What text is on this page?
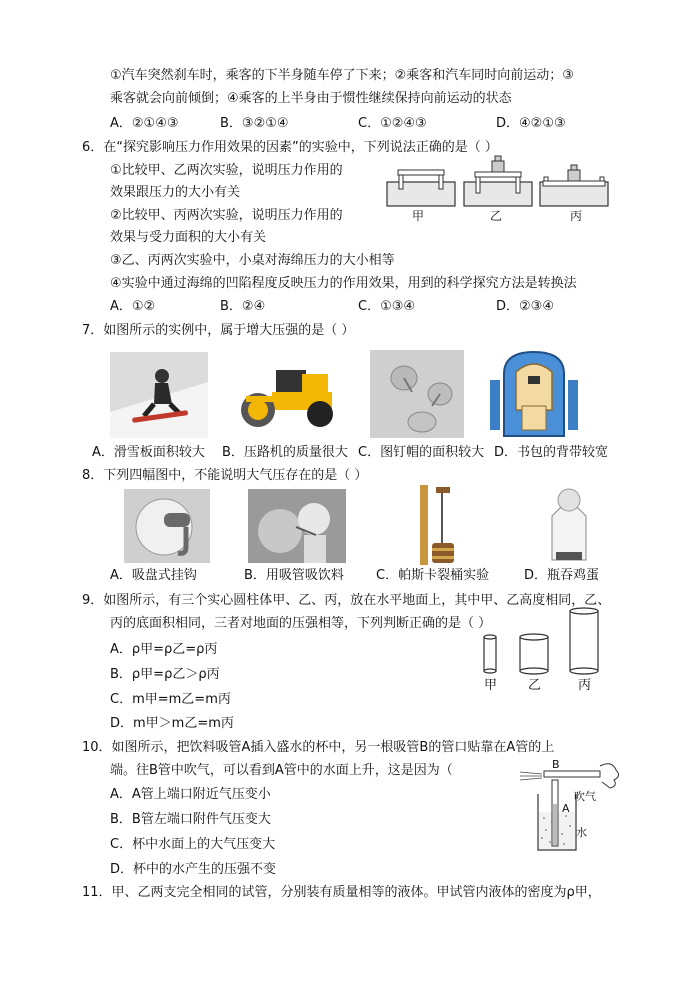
①汽车突然刹车时，乘客的下半身随车停了下来；②乘客和汽车同时向前运动；③
乘客就会向前倾倒；④乘客的上半身由于惯性继续保持向前运动的状态
A．②①④③	B．③②①④	C．①②④③	D．④②①③
6．在“探究影响压力作用效果的因素”的实验中，下列说法正确的是（ ）
①比较甲、乙两次实验，说明压力作用的
效果跟压力的大小有关
②比较甲、丙两次实验，说明压力作用的
效果与受力面积的大小有关
③乙、丙两次实验中，小桌对海绵压力的大小相等
④实验中通过海绵的凹陷程度反映压力的作用效果，用到的科学探究方法是转换法
A．①②	B．②④	C．①③④	D．②③④
甲	乙	丙
7．如图所示的实例中，属于增大压强的是（ ）
A．滑雪板面积较大 B．压路机的质量很大 C．图钉帽的面积较大 D．书包的背带较宽
8．下列四幅图中，不能说明大气压存在的是（ ）
A．吸盘式挂钩	B．用吸管吸饮料 C．帕斯卡裂桶实验	D．瓶吞鸡蛋
9．如图所示，有三个实心圆柱体甲、乙、丙，放在水平地面上，其中甲、乙高度相同，乙、
丙的底面积相同，三者对地面的压强相等，下列判断正确的是（ ）
A．ρ甲=ρ乙=ρ丙
B．ρ甲=ρ乙＞ρ丙
C．m甲=m乙=m丙
D．m甲＞m乙=m丙
甲 乙	丙
10．如图所示，把饮料吸管A插入盛水的杯中，另一根吸管B的管口贴靠在A管的上
端。往B管中吹气，可以看到A管中的水面上升，这是因为（
A．A管上端口附近气压变小
B．B管左端口附件气压变大
C．杯中水面上的大气压变大
D．杯中的水产生的压强不变
B
吹气
A
水
11．甲、乙两支完全相同的试管，分别装有质量相等的液体。甲试管内液体的密度为ρ甲，
